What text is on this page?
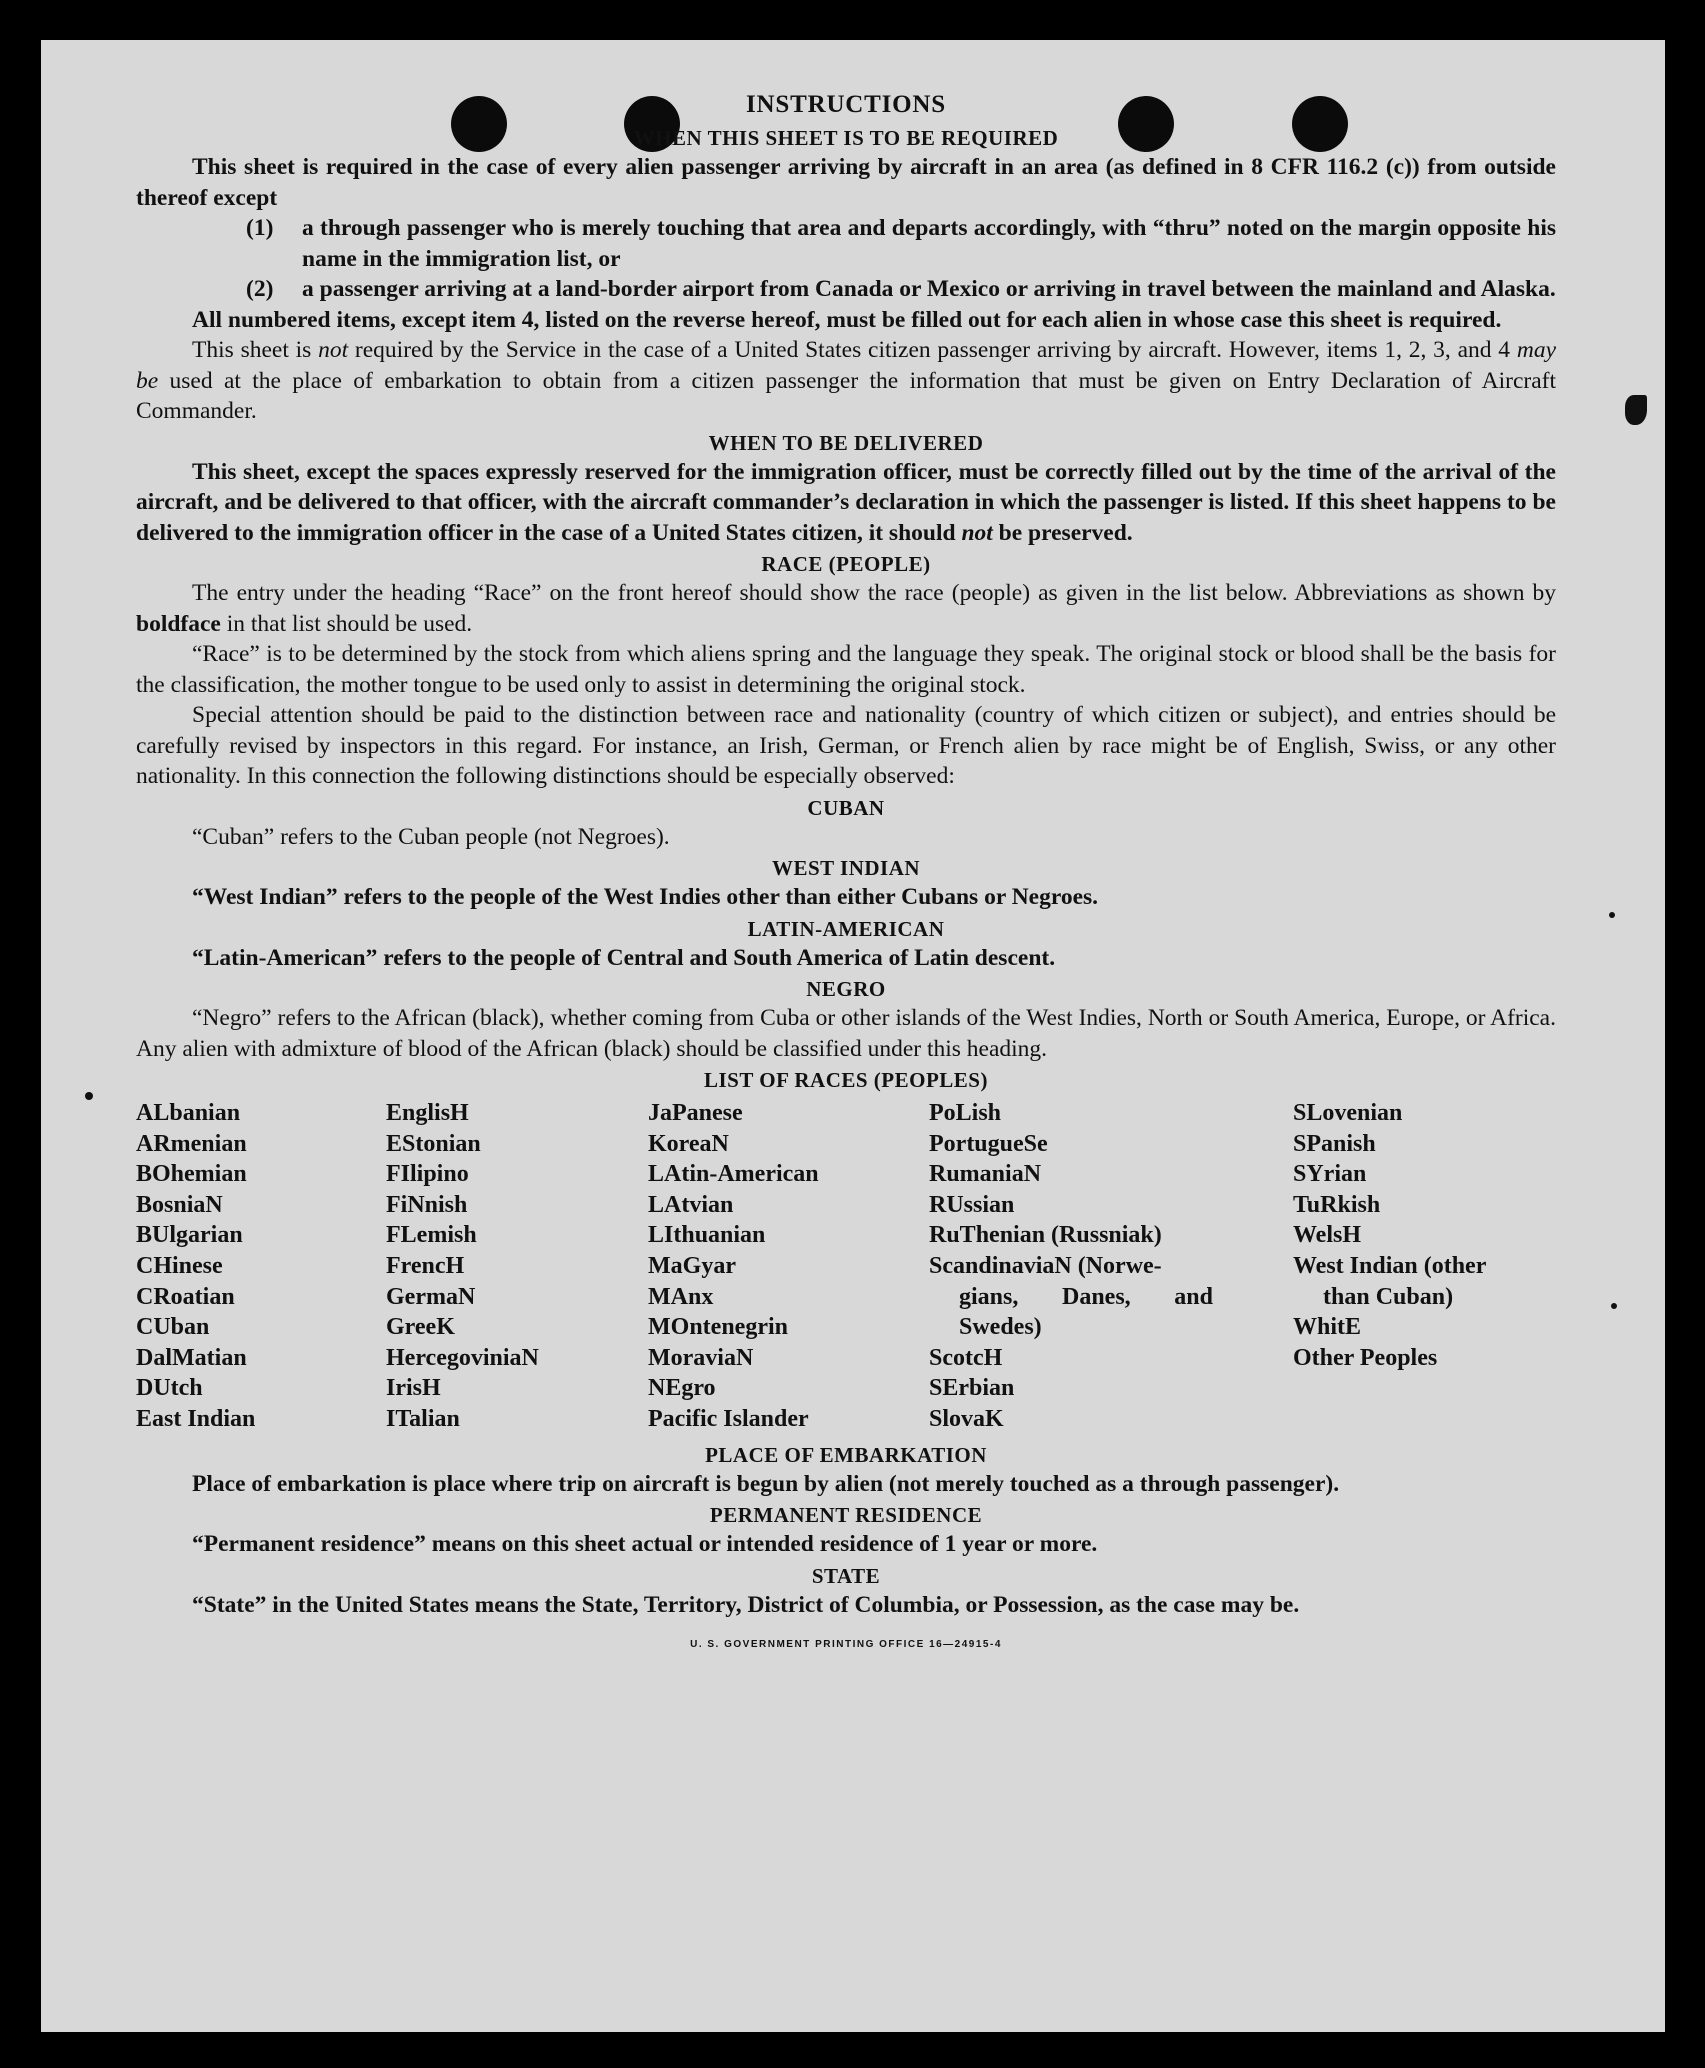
INSTRUCTIONS
WHEN THIS SHEET IS TO BE REQUIRED
This sheet is required in the case of every alien passenger arriving by aircraft in an area (as defined in 8 CFR 116.2 (c)) from outside thereof except
(1)	a through passenger who is merely touching that area and departs accordingly, with “thru” noted on the margin opposite his name in the immigration list, or
(2)	a passenger arriving at a land-border airport from Canada or Mexico or arriving in travel between the mainland and Alaska.
All numbered items, except item 4, listed on the reverse hereof, must be filled out for each alien in whose case this sheet is required.
This sheet is not required by the Service in the case of a United States citizen passenger arriving by aircraft. However, items 1, 2, 3, and 4 may be used at the place of embarkation to obtain from a citizen passenger the information that must be given on Entry Declaration of Aircraft Commander.
WHEN TO BE DELIVERED
This sheet, except the spaces expressly reserved for the immigration officer, must be correctly filled out by the time of the arrival of the aircraft, and be delivered to that officer, with the aircraft commander’s declaration in which the passenger is listed. If this sheet happens to be delivered to the immigration officer in the case of a United States citizen, it should not be preserved.
RACE (PEOPLE)
The entry under the heading “Race” on the front hereof should show the race (people) as given in the list below. Abbreviations as shown by boldface in that list should be used.
“Race” is to be determined by the stock from which aliens spring and the language they speak. The original stock or blood shall be the basis for the classification, the mother tongue to be used only to assist in determining the original stock.
Special attention should be paid to the distinction between race and nationality (country of which citizen or subject), and entries should be carefully revised by inspectors in this regard. For instance, an Irish, German, or French alien by race might be of English, Swiss, or any other nationality. In this connection the following distinctions should be especially observed:
CUBAN
“Cuban” refers to the Cuban people (not Negroes).
WEST INDIAN
“West Indian” refers to the people of the West Indies other than either Cubans or Negroes.
LATIN-AMERICAN
“Latin-American” refers to the people of Central and South America of Latin descent.
NEGRO
“Negro” refers to the African (black), whether coming from Cuba or other islands of the West Indies, North or South America, Europe, or Africa. Any alien with admixture of blood of the African (black) should be classified under this heading.
LIST OF RACES (PEOPLES)
ALbanian
ARmenian
BOhemian
BosniaN
BUlgarian
CHinese
CRoatian
CUban
DalMatian
DUtch
East Indian
EnglisH
EStonian
FIlipino
FiNnish
FLemish
FrencH
GermaN
GreeK
HercegoviniaN
IrisH
ITalian
JaPanese
KoreaN
LAtin-American
LAtvian
LIthuanian
MaGyar
MAnx
MOntenegrin
MoraviaN
NEgro
Pacific Islander
PoLish
PortugueSe
RumaniaN
RUssian
RuThenian (Russniak)
ScandinaviaN (Norwe-
gians, Danes, and Swedes)
ScotcH
SErbian
SlovaK
SLovenian
SPanish
SYrian
TuRkish
WelsH
West Indian (other
than Cuban)
WhitE
Other Peoples
PLACE OF EMBARKATION
Place of embarkation is place where trip on aircraft is begun by alien (not merely touched as a through passenger).
PERMANENT RESIDENCE
“Permanent residence” means on this sheet actual or intended residence of 1 year or more.
STATE
“State” in the United States means the State, Territory, District of Columbia, or Possession, as the case may be.
U. S. GOVERNMENT PRINTING OFFICE 16—24915-4
